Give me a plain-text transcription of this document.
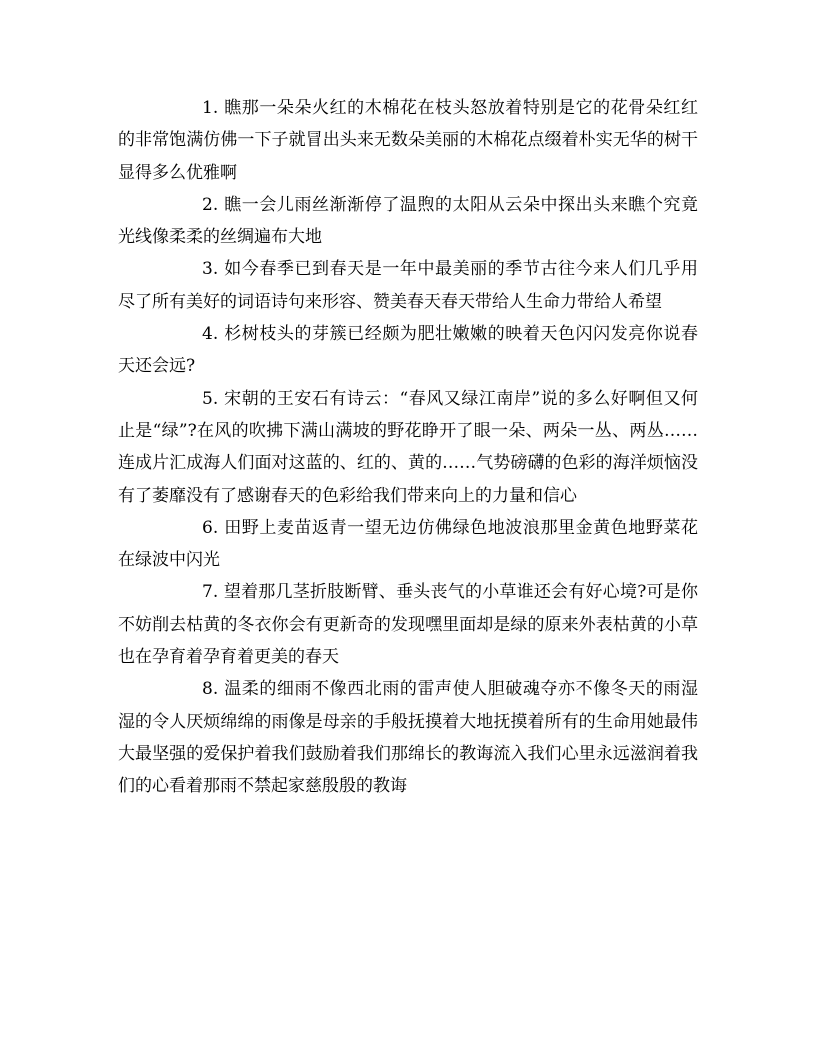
1. 瞧那一朵朵火红的木棉花在枝头怒放着特别是它的花骨朵红红的非常饱满仿佛一下子就冒出头来无数朵美丽的木棉花点缀着朴实无华的树干显得多么优雅啊

2. 瞧一会儿雨丝渐渐停了温煦的太阳从云朵中探出头来瞧个究竟光线像柔柔的丝绸遍布大地

3. 如今春季已到春天是一年中最美丽的季节古往今来人们几乎用尽了所有美好的词语诗句来形容、赞美春天春天带给人生命力带给人希望

4. 杉树枝头的芽簇已经颇为肥壮嫩嫩的映着天色闪闪发亮你说春天还会远?

5. 宋朝的王安石有诗云：“春风又绿江南岸”说的多么好啊但又何止是“绿”?在风的吹拂下满山满坡的野花睁开了眼一朵、两朵一丛、两丛……连成片汇成海人们面对这蓝的、红的、黄的……气势磅礴的色彩的海洋烦恼没有了萎靡没有了感谢春天的色彩给我们带来向上的力量和信心

6. 田野上麦苗返青一望无边仿佛绿色地波浪那里金黄色地野菜花在绿波中闪光

7. 望着那几茎折肢断臂、垂头丧气的小草谁还会有好心境?可是你不妨削去枯黄的冬衣你会有更新奇的发现嘿里面却是绿的原来外表枯黄的小草也在孕育着孕育着更美的春天

8. 温柔的细雨不像西北雨的雷声使人胆破魂夺亦不像冬天的雨湿湿的令人厌烦绵绵的雨像是母亲的手般抚摸着大地抚摸着所有的生命用她最伟大最坚强的爱保护着我们鼓励着我们那绵长的教诲流入我们心里永远滋润着我们的心看着那雨不禁起家慈殷殷的教诲
